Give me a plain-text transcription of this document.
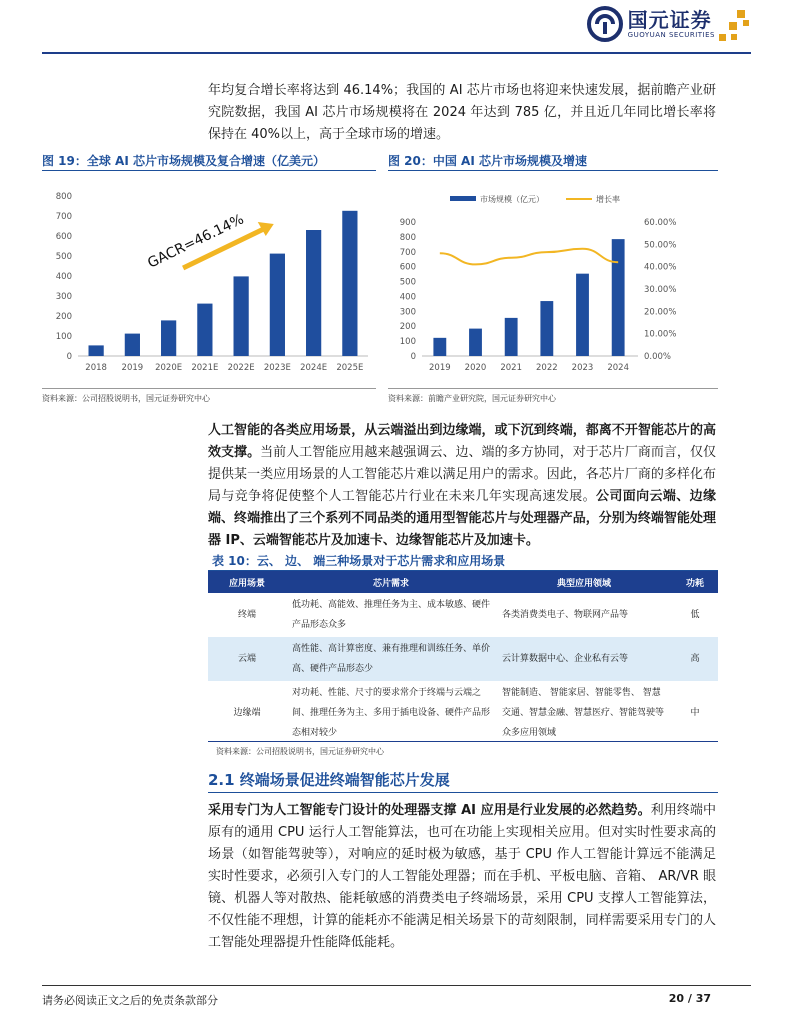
国元证券
GUOYUAN SECURITIES

年均复合增长率将达到 46.14%；我国的 AI 芯片市场也将迎来快速发展，据前瞻产业研究院数据，我国 AI 芯片市场规模将在 2024 年达到 785 亿，并且近几年同比增长率将保持在 40%以上，高于全球市场的增速。

图 19：全球 AI 芯片市场规模及复合增速（亿美元）
0
100
200
300
400
500
600
700
800
2018 2019 2020E 2021E 2022E 2023E 2024E 2025E
GACR=46.14%
资料来源：公司招股说明书，国元证券研究中心
图 20：中国 AI 芯片市场规模及增速
市场规模（亿元）	增长率
0
100
200
300
400
500
600
700
800
900
0.00%
10.00%
20.00%
30.00%
40.00%
50.00%
60.00%
2019 2020 2021 2022 2023 2024
资料来源：前瞻产业研究院，国元证券研究中心

人工智能的各类应用场景，从云端溢出到边缘端，或下沉到终端，都离不开智能芯片的高效支撑。当前人工智能应用越来越强调云、边、端的多方协同，对于芯片厂商而言，仅仅提供某一类应用场景的人工智能芯片难以满足用户的需求。因此，各芯片厂商的多样化布局与竞争将促使整个人工智能芯片行业在未来几年实现高速发展。公司面向云端、边缘端、终端推出了三个系列不同品类的通用型智能芯片与处理器产品，分别为终端智能处理器 IP、云端智能芯片及加速卡、边缘智能芯片及加速卡。

表 10：云、 边、 端三种场景对于芯片需求和应用场景
应用场景	芯片需求	典型应用领域	功耗
终端	低功耗、高能效、推理任务为主、成本敏感、硬件产品形态众多	各类消费类电子、物联网产品等	低
云端	高性能、高计算密度、兼有推理和训练任务、单价高、硬件产品形态少	云计算数据中心、企业私有云等	高
边缘端	对功耗、性能、尺寸的要求常介于终端与云端之间、推理任务为主、多用于插电设备、硬件产品形态相对较少	智能制造、 智能家居、智能零售、 智慧交通、智慧金融、智慧医疗、智能驾驶等众多应用领域	中
资料来源：公司招股说明书，国元证券研究中心
2.1 终端场景促进终端智能芯片发展

采用专门为人工智能专门设计的处理器支撑 AI 应用是行业发展的必然趋势。利用终端中原有的通用 CPU 运行人工智能算法，也可在功能上实现相关应用。但对实时性要求高的场景（如智能驾驶等），对响应的延时极为敏感，基于 CPU 作人工智能计算远不能满足实时性要求，必须引入专门的人工智能处理器；而在手机、平板电脑、音箱、 AR/VR 眼镜、机器人等对散热、能耗敏感的消费类电子终端场景，采用 CPU 支撑人工智能算法，不仅性能不理想，计算的能耗亦不能满足相关场景下的苛刻限制，同样需要采用专门的人工智能处理器提升性能降低能耗。

请务必阅读正文之后的免责条款部分	20 / 37
